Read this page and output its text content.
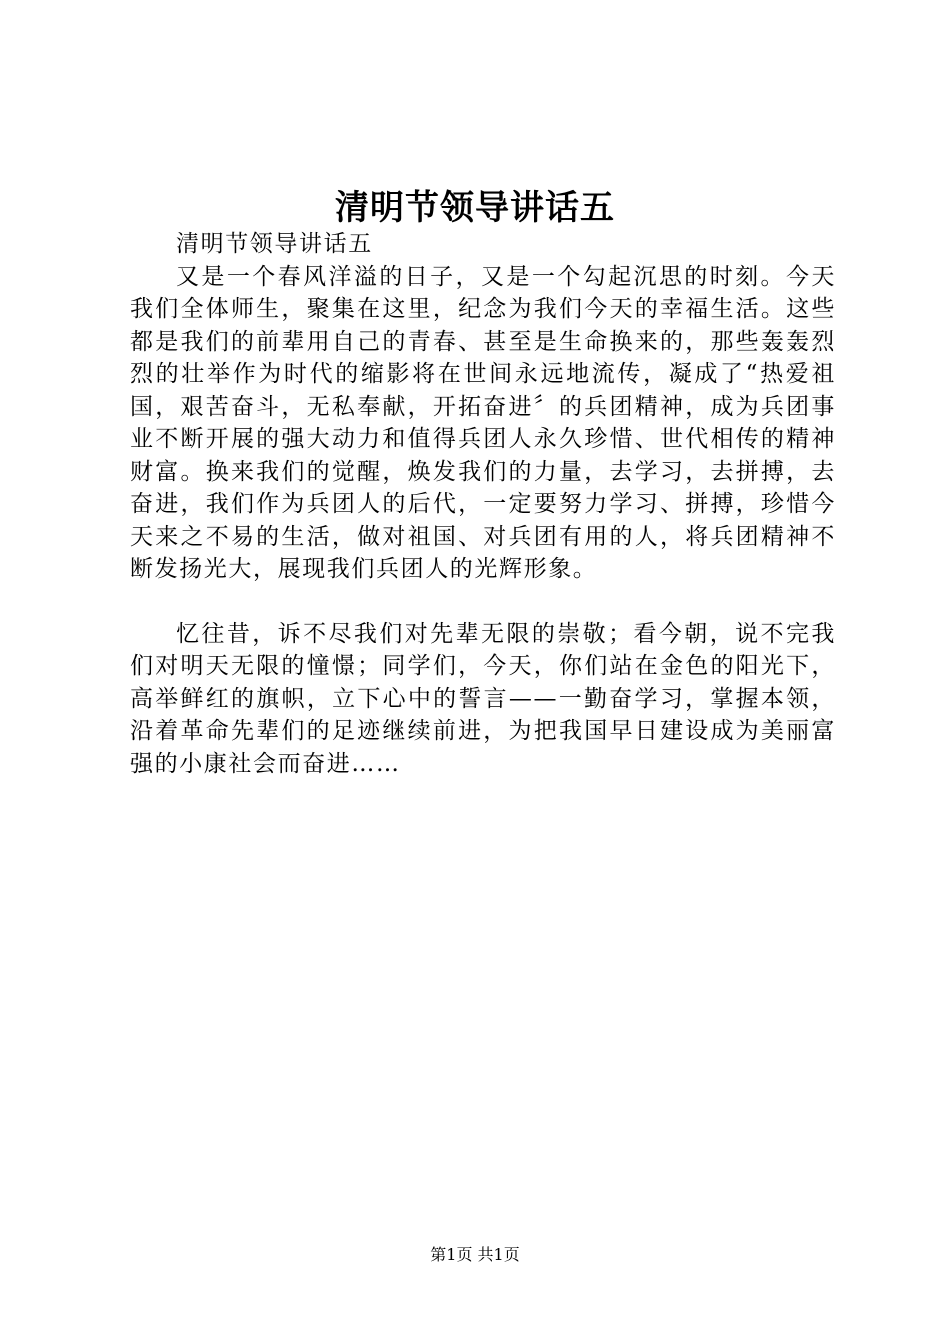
清明节领导讲话五

清明节领导讲话五

又是一个春风洋溢的日子，又是一个勾起沉思的时刻。今天我们全体师生，聚集在这里，纪念为我们今天的幸福生活。这些都是我们的前辈用自己的青春、甚至是生命换来的，那些轰轰烈烈的壮举作为时代的缩影将在世间永远地流传，凝成了“热爱祖国，艰苦奋斗，无私奉献，开拓奋进〞的兵团精神，成为兵团事业不断开展的强大动力和值得兵团人永久珍惜、世代相传的精神财富。换来我们的觉醒，焕发我们的力量，去学习，去拼搏，去奋进，我们作为兵团人的后代，一定要努力学习、拼搏，珍惜今天来之不易的生活，做对祖国、对兵团有用的人，将兵团精神不断发扬光大，展现我们兵团人的光辉形象。

忆往昔，诉不尽我们对先辈无限的崇敬；看今朝，说不完我们对明天无限的憧憬；同学们，今天，你们站在金色的阳光下，高举鲜红的旗帜，立下心中的誓言——一勤奋学习，掌握本领，沿着革命先辈们的足迹继续前进，为把我国早日建设成为美丽富强的小康社会而奋进……

第1页 共1页
